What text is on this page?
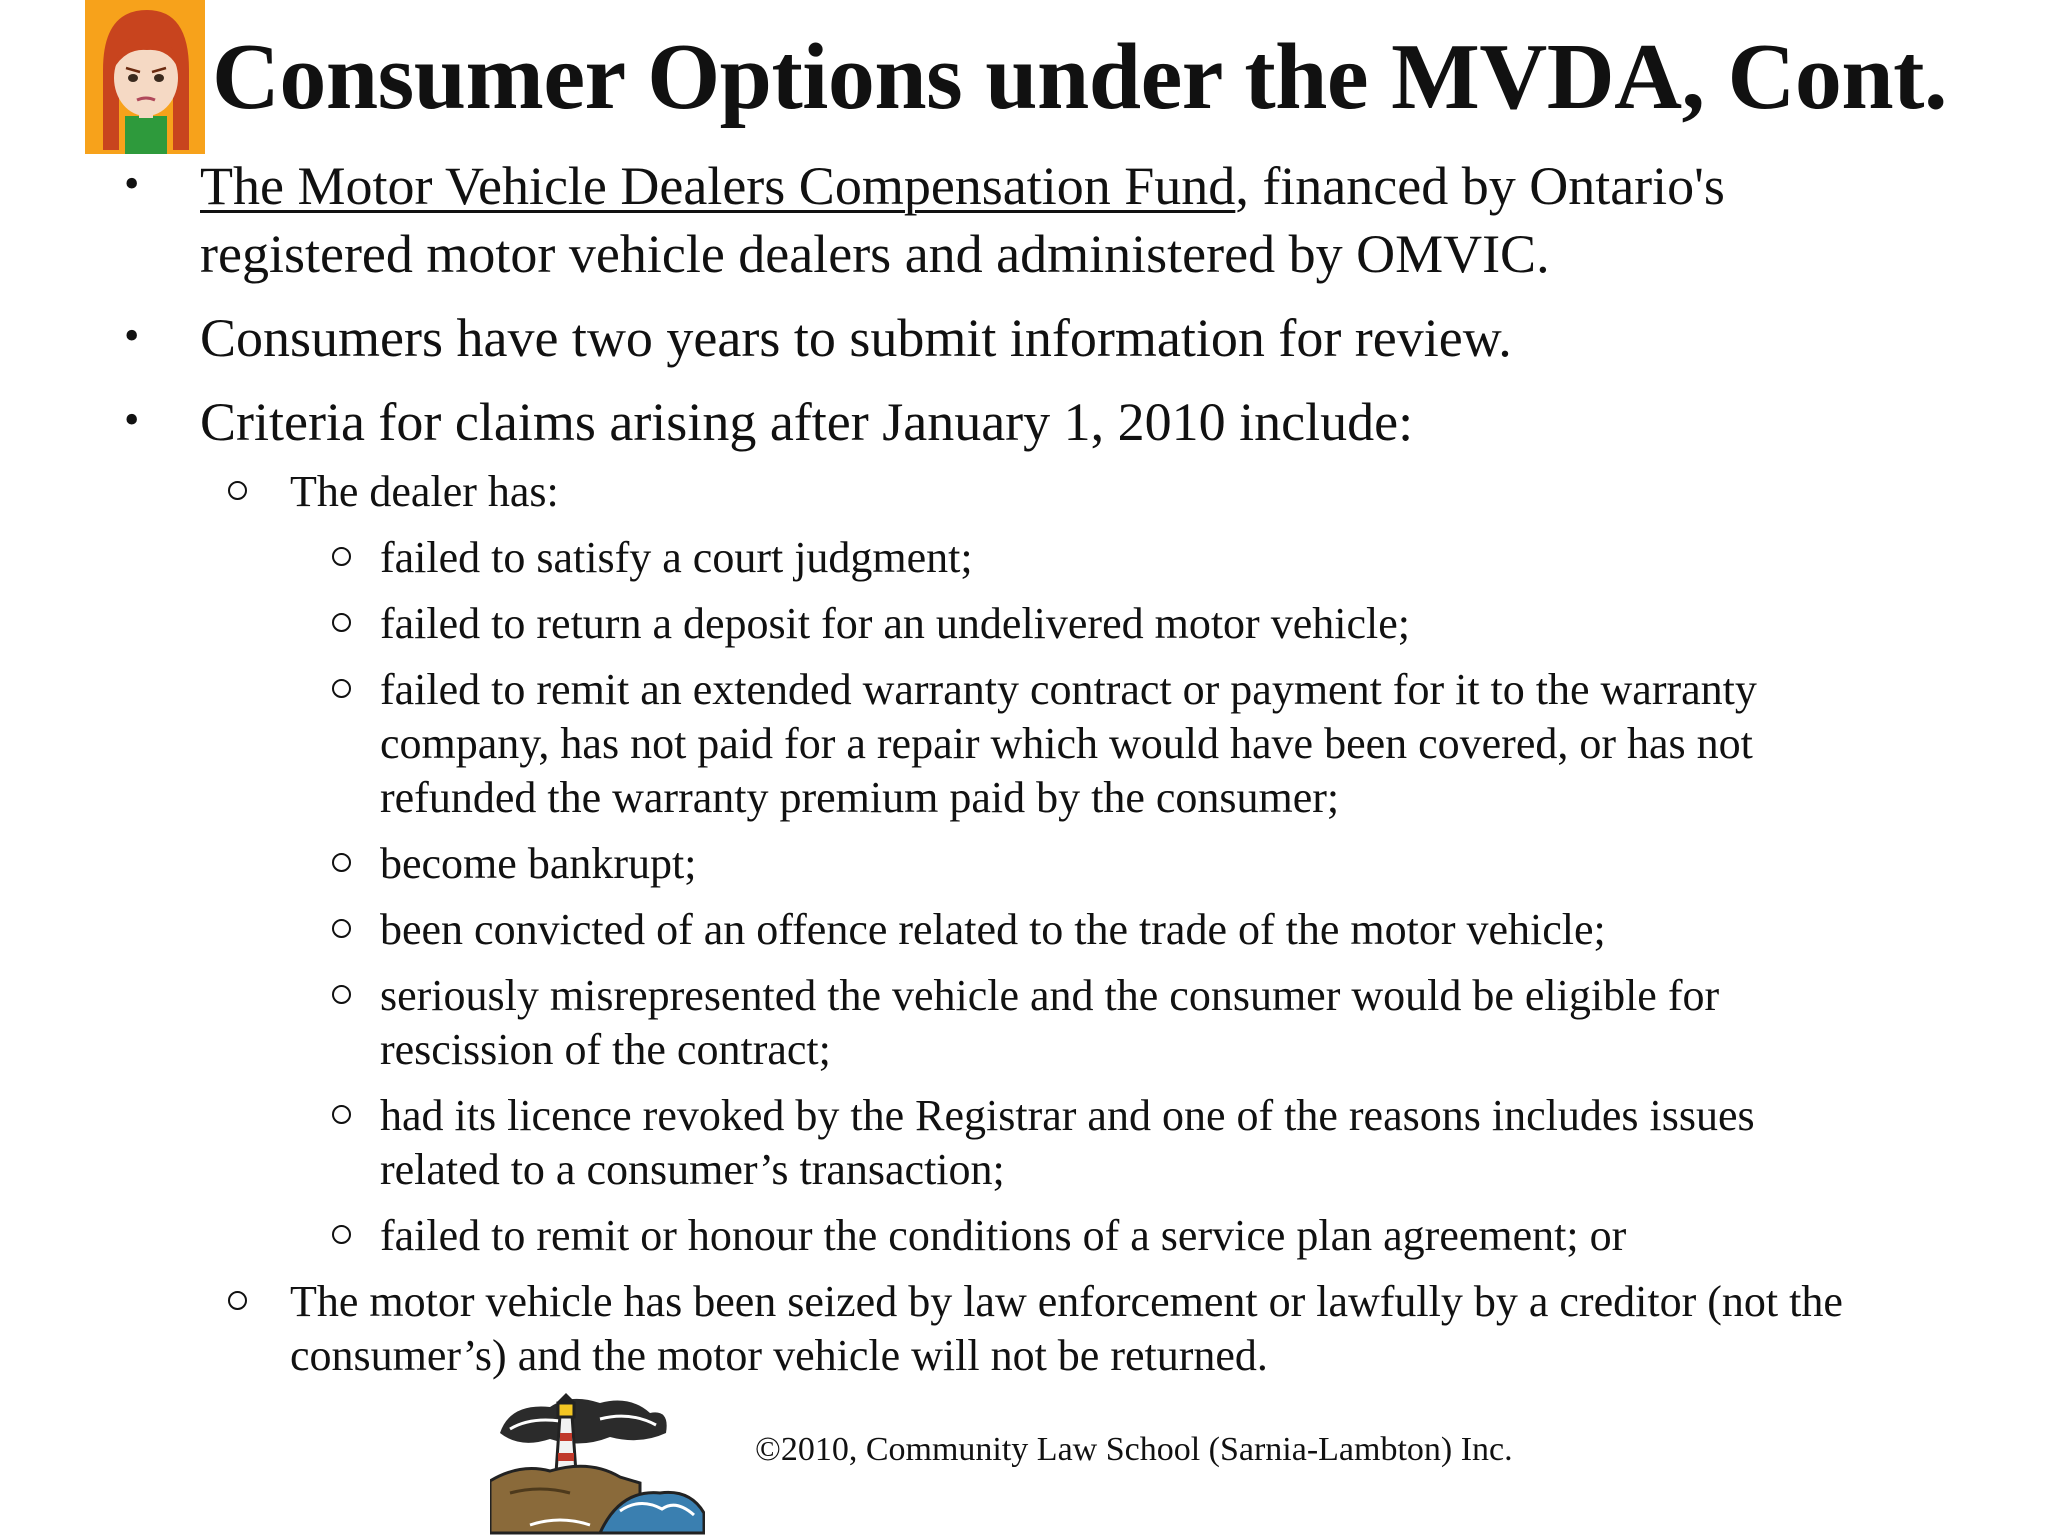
Consumer Options under the MVDA, Cont.
• The Motor Vehicle Dealers Compensation Fund, financed by Ontario's
registered motor vehicle dealers and administered by OMVIC.
• Consumers have two years to submit information for review.
• Criteria for claims arising after January 1, 2010 include:
The dealer has:
failed to satisfy a court judgment;
failed to return a deposit for an undelivered motor vehicle;
failed to remit an extended warranty contract or payment for it to the warranty
company, has not paid for a repair which would have been covered, or has not
refunded the warranty premium paid by the consumer;
become bankrupt;
been convicted of an offence related to the trade of the motor vehicle;
seriously misrepresented the vehicle and the consumer would be eligible for
rescission of the contract;
had its licence revoked by the Registrar and one of the reasons includes issues
related to a consumer’s transaction;
failed to remit or honour the conditions of a service plan agreement; or
The motor vehicle has been seized by law enforcement or lawfully by a creditor (not the
consumer’s) and the motor vehicle will not be returned.
©2010, Community Law School (Sarnia-Lambton) Inc.
